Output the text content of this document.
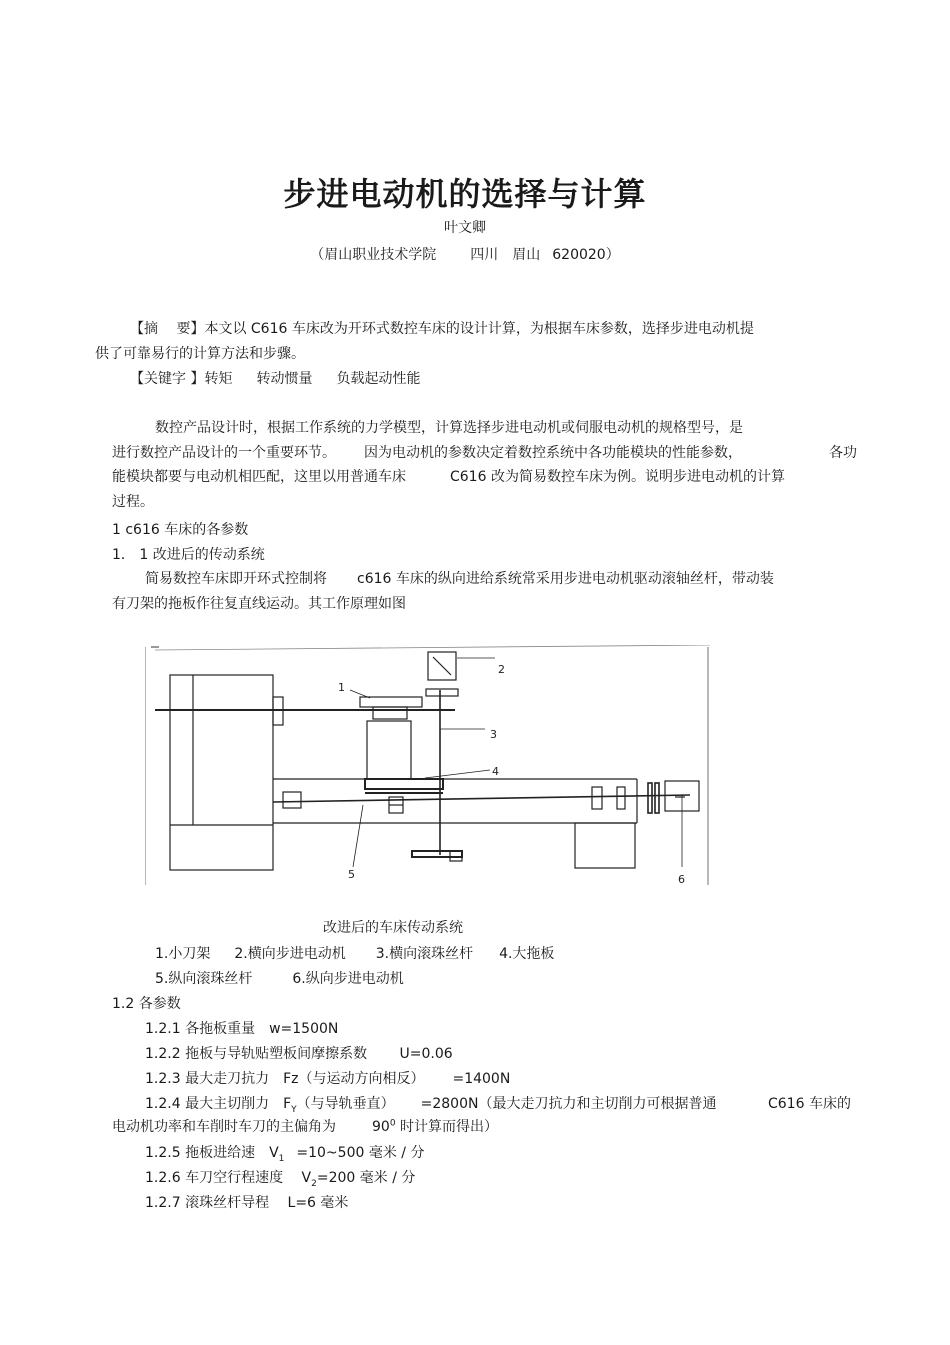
步进电动机的选择与计算
叶文卿
（眉山职业技术学院 四川 眉山 620020）
【摘　 要】本文以 C616 车床改为开环式数控车床的设计计算，为根据车床参数，选择步进电动机提
供了可靠易行的计算方法和步骤。
【关键字 】转矩 转动惯量 负载起动性能
数控产品设计时，根据工作系统的力学模型，计算选择步进电动机或伺服电动机的规格型号，是
进行数控产品设计的一个重要环节。 因为电动机的参数决定着数控系统中各功能模块的性能参数，	各功
能模块都要与电动机相匹配，这里以用普通车床	C616 改为简易数控车床为例。说明步进电动机的计算
过程。
1 c616 车床的各参数
1． 1 改进后的传动系统
简易数控车床即开环式控制将 c616 车床的纵向进给系统常采用步进电动机驱动滚轴丝杆，带动装
有刀架的拖板作往复直线运动。其工作原理如图
1
2
3
4
5	6
改进后的车床传动系统
1.小刀架 2.横向步进电动机 3.横向滚珠丝杆 4.大拖板
5.纵向滚珠丝杆	6.纵向步进电动机
1.2 各参数
1.2.1 各拖板重量　w=1500N
1.2.2 拖板与导轨贴塑板间摩擦系数　　 U=0.06
1.2.3 最大走刀抗力　Fz（与运动方向相反） =1400N
1.2.4 最大主切削力　$F_Y$（与导轨垂直） =2800N（最大走刀抗力和主切削力可根据普通	C616 车床的
电动机功率和车削时车刀的主偏角为	$90^0$ 时计算而得出）
1.2.5 拖板进给速　$V_1$ =10~500 毫米 / 分
1.2.6 车刀空行程速度　 $V_2=200$ 毫米 / 分
1.2.7 滚珠丝杆导程　 L=6 毫米
